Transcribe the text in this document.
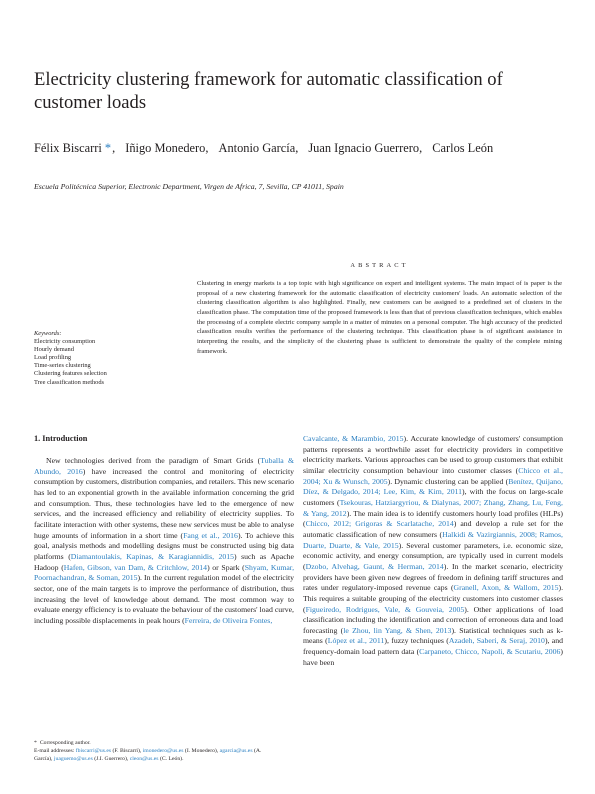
Electricity clustering framework for automatic classification of customer loads
Félix Biscarri *, Iñigo Monedero, Antonio García, Juan Ignacio Guerrero, Carlos León

Escuela Politécnica Superior, Electronic Department, Virgen de Africa, 7, Sevilla, CP 41011, Spain

ABSTRACT

Clustering in energy markets is a top topic with high significance on expert and intelligent systems. The main impact of is paper is the proposal of a new clustering framework for the automatic classification of electricity customers' loads. An automatic selection of the clustering classification algorithm is also highlighted. Finally, new customers can be assigned to a predefined set of clusters in the classification phase. The computation time of the proposed framework is less than that of previous classification techniques, which enables the processing of a complete electric company sample in a matter of minutes on a personal computer. The high accuracy of the predicted classification results verifies the performance of the clustering technique. This classification phase is of significant assistance in interpreting the results, and the simplicity of the clustering phase is sufficient to demonstrate the quality of the complete mining framework.

Keywords:
Electricity consumption
Hourly demand
Load profiling
Time-series clustering
Clustering features selection
Tree classification methods
1. Introduction

New technologies derived from the paradigm of Smart Grids (Tuballa & Abundo, 2016) have increased the control and monitoring of electricity consumption by customers, distribution companies, and retailers. This new scenario has led to an exponential growth in the available information concerning the grid and consumption. Thus, these technologies have led to the emergence of new services, and the increased efficiency and reliability of electricity supplies. To facilitate interaction with other systems, these new services must be able to analyse huge amounts of information in a short time (Fang et al., 2016). To achieve this goal, analysis methods and modelling designs must be constructed using big data platforms (Diamantoulakis, Kapinas, & Karagiannidis, 2015) such as Apache Hadoop (Hafen, Gibson, van Dam, & Critchlow, 2014) or Spark (Shyam, Kumar, Poornachandran, & Soman, 2015). In the current regulation model of the electricity sector, one of the main targets is to improve the performance of distribution, thus increasing the level of knowledge about demand. The most common way to evaluate energy efficiency is to evaluate the behaviour of the customers' load curve, including possible displacements in peak hours (Ferreira, de Oliveira Fontes,

Cavalcante, & Marambio, 2015). Accurate knowledge of customers' consumption patterns represents a worthwhile asset for electricity providers in competitive electricity markets. Various approaches can be used to group customers that exhibit similar electricity consumption behaviour into customer classes (Chicco et al., 2004; Xu & Wunsch, 2005). Dynamic clustering can be applied (Benítez, Quijano, Díez, & Delgado, 2014; Lee, Kim, & Kim, 2011), with the focus on large-scale customers (Tsekouras, Hatziargyriou, & Dialynas, 2007; Zhang, Zhang, Lu, Feng, & Yang, 2012). The main idea is to identify customers hourly load profiles (HLPs) (Chicco, 2012; Grigoras & Scarlatache, 2014) and develop a rule set for the automatic classification of new consumers (Halkidi & Vazirgiannis, 2008; Ramos, Duarte, Duarte, & Vale, 2015). Several customer parameters, i.e. economic size, economic activity, and energy consumption, are typically used in current models (Dzobo, Alvehag, Gaunt, & Herman, 2014). In the market scenario, electricity providers have been given new degrees of freedom in defining tariff structures and rates under regulatory-imposed revenue caps (Granell, Axon, & Wallom, 2015). This requires a suitable grouping of the electricity customers into customer classes (Figueiredo, Rodrigues, Vale, & Gouveia, 2005). Other applications of load classification including the identification and correction of erroneous data and load forecasting (le Zhou, lin Yang, & Shen, 2013). Statistical techniques such as k-means (López et al., 2011), fuzzy techniques (Azadeh, Saberi, & Seraj, 2010), and frequency-domain load pattern data (Carpaneto, Chicco, Napoli, & Scutariu, 2006) have been

* Corresponding author.

E-mail addresses: fbiscarri@us.es (F. Biscarri), imonedero@us.es (I. Monedero), agarcia@us.es (A. García), juaguemo@us.es (J.I. Guerrero), cleon@us.es (C. León).
